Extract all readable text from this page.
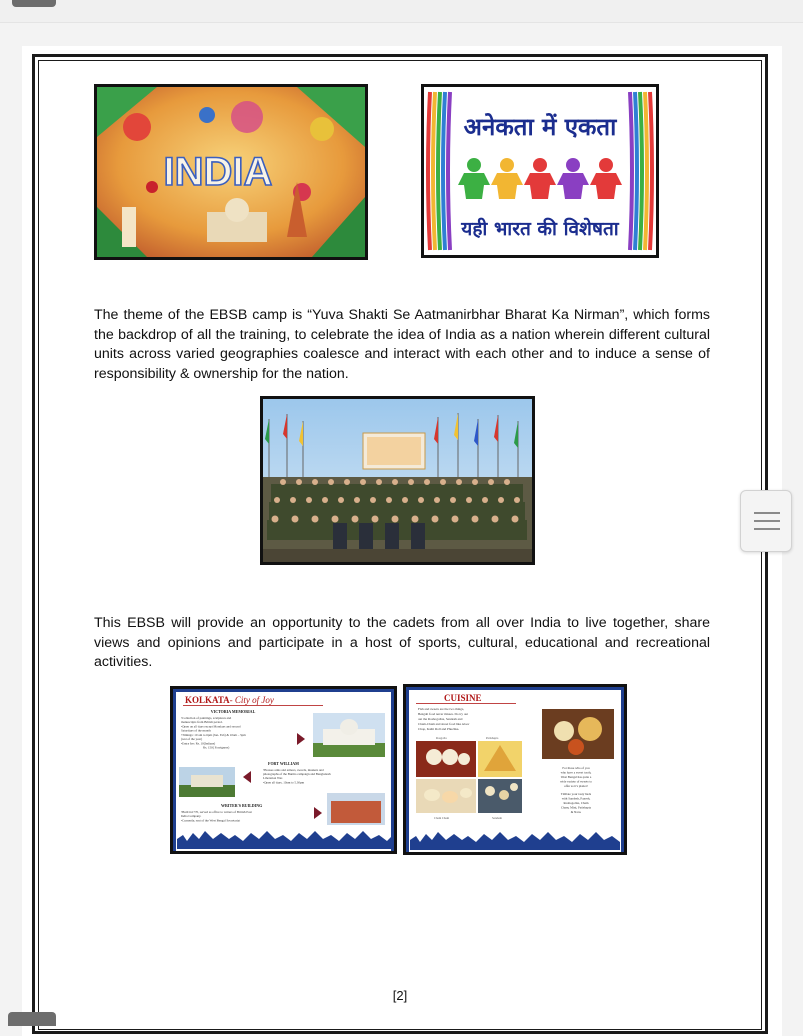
INDIA
अनेकता में एकता
यही भारत की विशेषता

The theme of the EBSB camp is “Yuva Shakti Se Aatmanirbhar Bharat Ka Nirman”, which forms the backdrop of all the training, to celebrate the idea of India as a nation wherein different cultural units across varied geographies coalesce and interact with each other and to induce a sense of responsibility & ownership for the nation.

This EBSB will provide an opportunity to the cadets from all over India to live together, share views and opinions and participate in a host of sports, cultural, educational and recreational activities.

KOLKATA- City of Joy
VICTORIA MEMORIAL
•Collection of paintings, sculptures and
manuscripts from British period.
•Open on all days except Mondays and second
Saturdays of the month
•Timings: 10 am to 6pm (Jan- Feb) & 10am – 5pm
(rest of the year)
•Entry fee: Rs. 10(Indians)
Rs. 150( Foreigners)
FORT WILLIAM
•Houses arms and armors, swords, muskets and
photographs of the Burma campaign and Bangladesh
Liberation War.
•Open all days, 10am to 5.30pm
WRITER'S BUILDING
•Built in1770, served as office to writers of British East
India Company.
•Currently, seat of the West Bengal Secretariat
CUISINE
Fish and sweets are the two things,
Bengali food never misses. Do try out
out the Roshogollas, Sandesh and
Cham-Cham and street food like Aloor
Chop, Kathi Roll and Phuchka.
Rosgolla	Patishapta
For those who of you
who have a sweet tooth,
West Bengal has quite a
wide variety of sweets to
offer as it's platter!
Titillate your tasty buds
with Sandesh, Payesh,
Roshogollas, Cham
Cham, Mini, Patishapta
& Naru.
Cham Cham	Sandesh
[2]
